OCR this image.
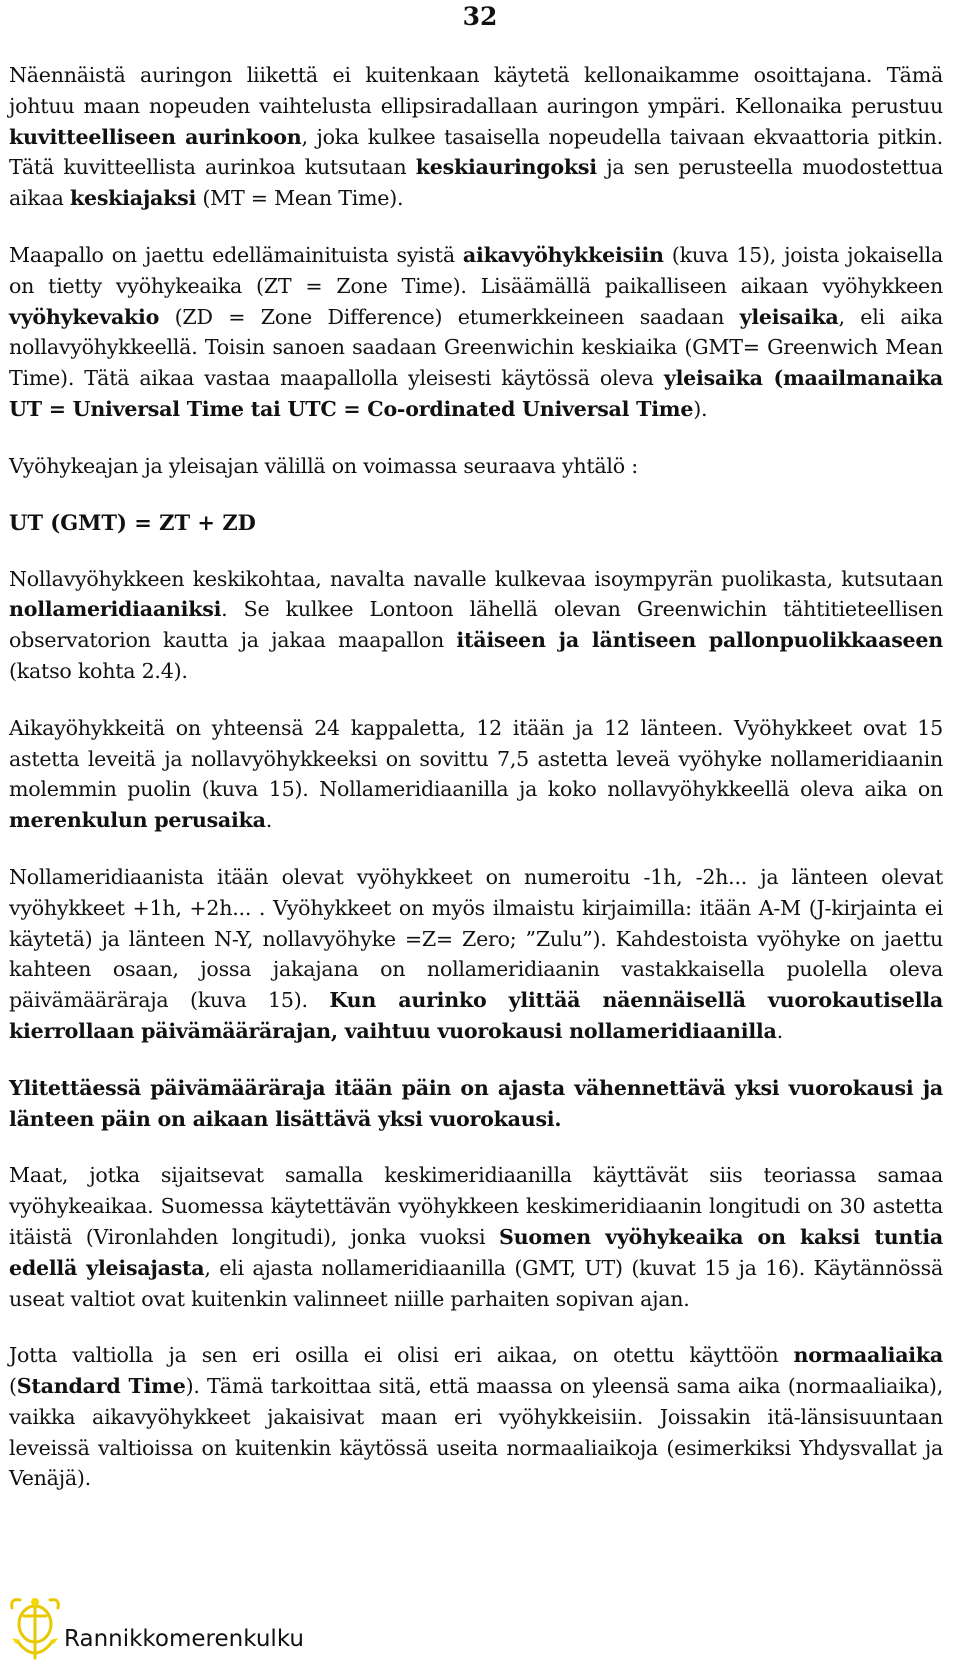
32

Näennäistä auringon liikettä ei kuitenkaan käytetä kellonaikamme osoittajana. Tämä johtuu maan nopeuden vaihtelusta ellipsiradallaan auringon ympäri. Kellonaika perustuu kuvitteelliseen aurinkoon, joka kulkee tasaisella nopeudella taivaan ekvaattoria pitkin. Tätä kuvitteellista aurinkoa kutsutaan keskiauringoksi ja sen perusteella muodostettua aikaa keskiajaksi (MT = Mean Time).

Maapallo on jaettu edellämainituista syistä aikavyöhykkeisiin (kuva 15), joista jokaisella on tietty vyöhykeaika (ZT = Zone Time). Lisäämällä paikalliseen aikaan vyöhykkeen vyöhykevakio (ZD = Zone Difference) etumerkkeineen saadaan yleisaika, eli aika nollavyöhykkeellä. Toisin sanoen saadaan Greenwichin keskiaika (GMT= Greenwich Mean Time). Tätä aikaa vastaa maapallolla yleisesti käytössä oleva yleisaika (maailmanaika UT = Universal Time tai UTC = Co-ordinated Universal Time).

Vyöhykeajan ja yleisajan välillä on voimassa seuraava yhtälö :

UT (GMT) = ZT + ZD

Nollavyöhykkeen keskikohtaa, navalta navalle kulkevaa isoympyrän puolikasta, kutsutaan nollameridiaaniksi. Se kulkee Lontoon lähellä olevan Greenwichin tähtitieteellisen observatorion kautta ja jakaa maapallon itäiseen ja läntiseen pallonpuolikkaaseen (katso kohta 2.4).

Aikayöhykkeitä on yhteensä 24 kappaletta, 12 itään ja 12 länteen. Vyöhykkeet ovat 15 astetta leveitä ja nollavyöhykkeeksi on sovittu 7,5 astetta leveä vyöhyke nollameridiaanin molemmin puolin (kuva 15). Nollameridiaanilla ja koko nollavyöhykkeellä oleva aika on merenkulun perusaika.

Nollameridiaanista itään olevat vyöhykkeet on numeroitu -1h, -2h... ja länteen olevat vyöhykkeet +1h, +2h... . Vyöhykkeet on myös ilmaistu kirjaimilla: itään A-M (J-kirjainta ei käytetä) ja länteen N-Y, nollavyöhyke =Z= Zero; ”Zulu”). Kahdestoista vyöhyke on jaettu kahteen osaan, jossa jakajana on nollameridiaanin vastakkaisella puolella oleva päivämääräraja (kuva 15). Kun aurinko ylittää näennäisellä vuorokautisella kierrollaan päivämäärärajan, vaihtuu vuorokausi nollameridiaanilla.

Ylitettäessä päivämääräraja itään päin on ajasta vähennettävä yksi vuorokausi ja länteen päin on aikaan lisättävä yksi vuorokausi.

Maat, jotka sijaitsevat samalla keskimeridiaanilla käyttävät siis teoriassa samaa vyöhykeaikaa. Suomessa käytettävän vyöhykkeen keskimeridiaanin longitudi on 30 astetta itäistä (Vironlahden longitudi), jonka vuoksi Suomen vyöhykeaika on kaksi tuntia edellä yleisajasta, eli ajasta nollameridiaanilla (GMT, UT) (kuvat 15 ja 16). Käytännössä useat valtiot ovat kuitenkin valinneet niille parhaiten sopivan ajan.

Jotta valtiolla ja sen eri osilla ei olisi eri aikaa, on otettu käyttöön normaaliaika (Standard Time). Tämä tarkoittaa sitä, että maassa on yleensä sama aika (normaaliaika), vaikka aikavyöhykkeet jakaisivat maan eri vyöhykkeisiin. Joissakin itä-länsisuuntaan leveissä valtioissa on kuitenkin käytössä useita normaaliaikoja (esimerkiksi Yhdysvallat ja Venäjä).

Rannikkomerenkulku
